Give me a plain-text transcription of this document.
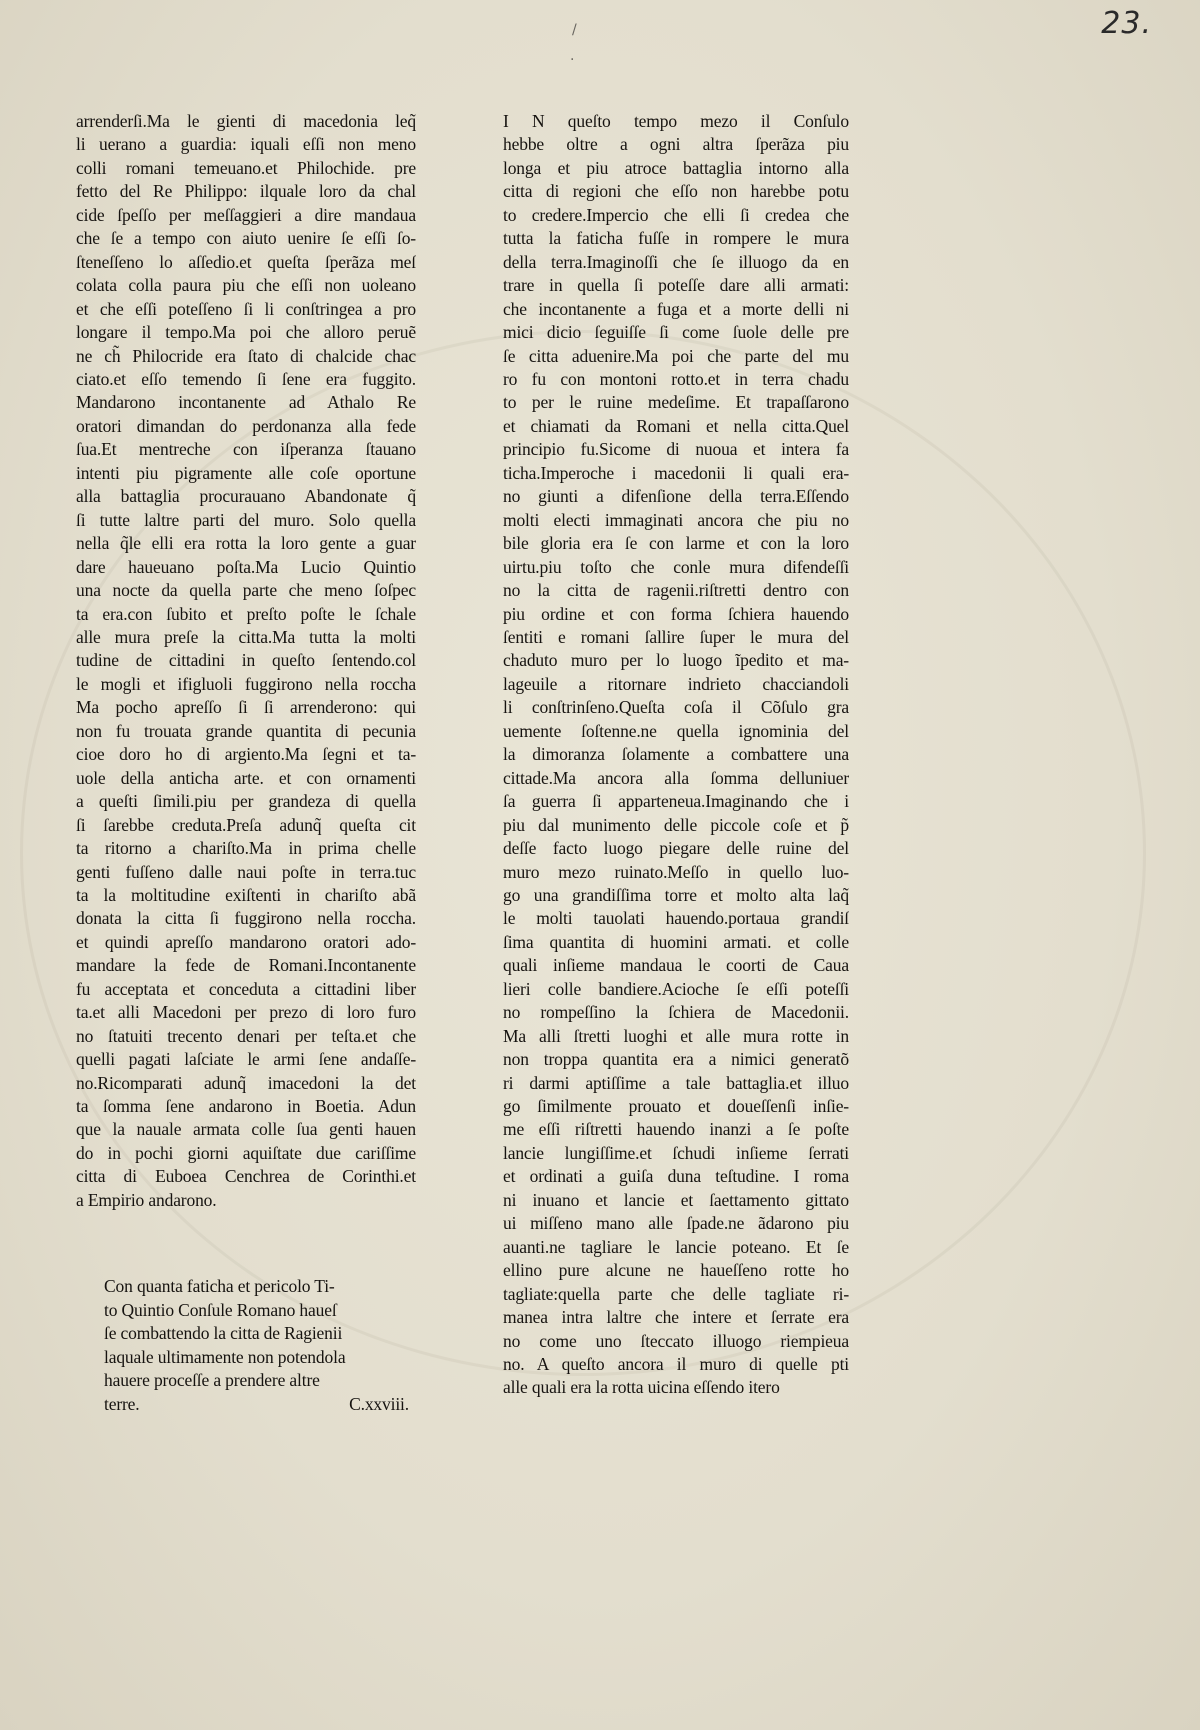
23.
/
·
arrenderſi.Ma le gienti di macedonia leq̃
li uerano a guardia: iquali eſſi non meno
colli romani temeuano.et Philochide. pre
fetto del Re Philippo: ilquale loro da chal
cide ſpeſſo per meſſaggieri a dire mandaua
che ſe a tempo con aiuto uenire ſe eſſi ſo-
ſteneſſeno lo aſſedio.et queſta ſperãza meſ
colata colla paura piu che eſſi non uoleano
et che eſſi poteſſeno ſi li conſtringea a pro
longare il tempo.Ma poi che alloro peruẽ
ne ch̃ Philocride era ſtato di chalcide chac
ciato.et eſſo temendo ſi ſene era fuggito.
Mandarono incontanente ad Athalo Re
oratori dimandan do perdonanza alla fede
ſua.Et mentreche con iſperanza ſtauano
intenti piu pigramente alle coſe oportune
alla battaglia procurauano Abandonate q̃
ſi tutte laltre parti del muro. Solo quella
nella q̃le elli era rotta la loro gente a guar
dare haueuano poſta.Ma Lucio Quintio
una nocte da quella parte che meno ſoſpec
ta era.con ſubito et preſto poſte le ſchale
alle mura preſe la citta.Ma tutta la molti
tudine de cittadini in queſto ſentendo.col
le mogli et ifigluoli fuggirono nella roccha
Ma pocho apreſſo ſi ſi arrenderono: qui
non fu trouata grande quantita di pecunia
cioe doro ho di argiento.Ma ſegni et ta-
uole della anticha arte. et con ornamenti
a queſti ſimili.piu per grandeza di quella
ſi ſarebbe creduta.Preſa adunq̃ queſta cit
ta ritorno a chariſto.Ma in prima chelle
genti fuſſeno dalle naui poſte in terra.tuc
ta la moltitudine exiſtenti in chariſto abã
donata la citta ſi fuggirono nella roccha.
et quindi apreſſo mandarono oratori ado-
mandare la fede de Romani.Incontanente
fu acceptata et conceduta a cittadini liber
ta.et alli Macedoni per prezo di loro furo
no ſtatuiti trecento denari per teſta.et che
quelli pagati laſciate le armi ſene andaſſe-
no.Ricomparati adunq̃ imacedoni la det
ta ſomma ſene andarono in Boetia. Adun
que la nauale armata colle ſua genti hauen
do in pochi giorni aquiſtate due cariſſime
citta di Euboea Cenchrea de Corinthi.et
a Empirio andarono.
Con quanta faticha et pericolo Ti-
to Quintio Conſule Romano haueſ
ſe combattendo la citta de Ragienii
laquale ultimamente non potendola
hauere proceſſe a prendere altre
terre.	C.xxviii.
I N queſto tempo mezo il Conſulo
hebbe oltre a ogni altra ſperãza piu
longa et piu atroce battaglia intorno alla
citta di regioni che eſſo non harebbe potu
to credere.Impercio che elli ſi credea che
tutta la faticha fuſſe in rompere le mura
della terra.Imaginoſſi che ſe illuogo da en
trare in quella ſi poteſſe dare alli armati:
che incontanente a fuga et a morte delli ni
mici dicio ſeguiſſe ſi come ſuole delle pre
ſe citta aduenire.Ma poi che parte del mu
ro fu con montoni rotto.et in terra chadu
to per le ruine medeſime. Et trapaſſarono
et chiamati da Romani et nella citta.Quel
principio fu.Sicome di nuoua et intera fa
ticha.Imperoche i macedonii li quali era-
no giunti a difenſione della terra.Eſſendo
molti electi immaginati ancora che piu no
bile gloria era ſe con larme et con la loro
uirtu.piu toſto che conle mura difendeſſi
no la citta de ragenii.riſtretti dentro con
piu ordine et con forma ſchiera hauendo
ſentiti e romani ſallire ſuper le mura del
chaduto muro per lo luogo ĩpedito et ma-
lageuile a ritornare indrieto chacciandoli
li conſtrinſeno.Queſta coſa il Cõſulo gra
uemente ſoſtenne.ne quella ignominia del
la dimoranza ſolamente a combattere una
cittade.Ma ancora alla ſomma delluniuer
ſa guerra ſi apparteneua.Imaginando che i
piu dal munimento delle piccole coſe et p̃
deſſe facto luogo piegare delle ruine del
muro mezo ruinato.Meſſo in quello luo-
go una grandiſſima torre et molto alta laq̃
le molti tauolati hauendo.portaua grandiſ
ſima quantita di huomini armati. et colle
quali inſieme mandaua le coorti de Caua
lieri colle bandiere.Acioche ſe eſſi poteſſi
no rompeſſino la ſchiera de Macedonii.
Ma alli ſtretti luoghi et alle mura rotte in
non troppa quantita era a nimici generatõ
ri darmi aptiſſime a tale battaglia.et illuo
go ſimilmente prouato et doueſſenſi inſie-
me eſſi riſtretti hauendo inanzi a ſe poſte
lancie lungiſſime.et ſchudi inſieme ſerrati
et ordinati a guiſa duna teſtudine. I roma
ni inuano et lancie et ſaettamento gittato
ui miſſeno mano alle ſpade.ne ãdarono piu
auanti.ne tagliare le lancie poteano. Et ſe
ellino pure alcune ne haueſſeno rotte ho
tagliate:quella parte che delle tagliate ri-
manea intra laltre che intere et ſerrate era
no come uno ſteccato illuogo riempieua
no. A queſto ancora il muro di quelle pti
alle quali era la rotta uicina eſſendo itero
